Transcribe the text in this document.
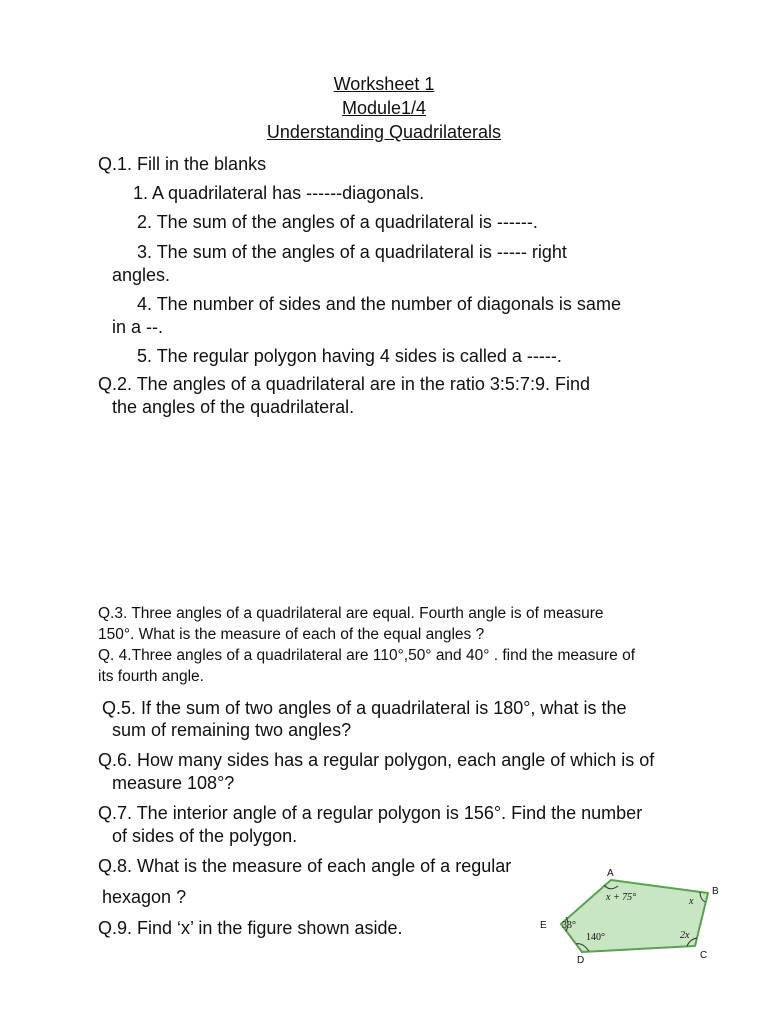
Worksheet 1
Module1/4
Understanding Quadrilaterals
Q.1. Fill in the blanks
1. A quadrilateral has ------diagonals.
2. The sum of the angles of a quadrilateral is ------.
3. The sum of the angles of a quadrilateral is ----- right
angles.
4. The number of sides and the number of diagonals is same
in a --.
5. The regular polygon having 4 sides is called a -----.
Q.2. The angles of a quadrilateral are in the ratio 3:5:7:9. Find
the angles of the quadrilateral.
Q.3. Three angles of a quadrilateral are equal. Fourth angle is of measure
150°. What is the measure of each of the equal angles ?
Q. 4.Three angles of a quadrilateral are 110°,50° and 40° . find the measure of
its fourth angle.
Q.5. If the sum of two angles of a quadrilateral is 180°, what is the
sum of remaining two angles?
Q.6. How many sides has a regular polygon, each angle of which is of
measure 108°?
Q.7. The interior angle of a regular polygon is 156°. Find the number
of sides of the polygon.
Q.8. What is the measure of each angle of a regular
hexagon ?
Q.9. Find ‘x’ in the figure shown aside.
A
B
C
D
E
x + 75°	x
2x
140°
33°
